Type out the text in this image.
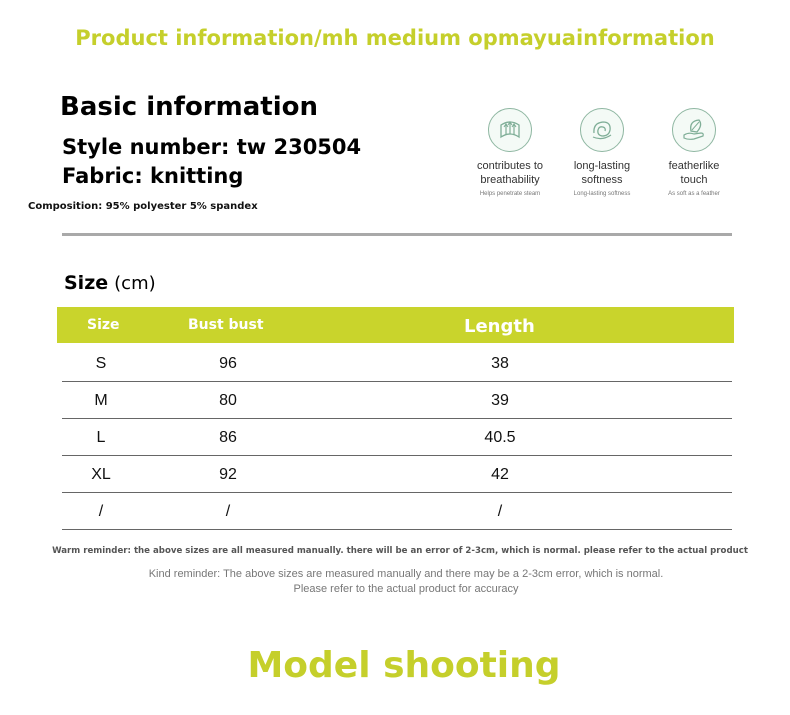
Product information/mh medium opmayuainformation
Basic information
Style number: tw 230504
Fabric: knitting
Composition: 95% polyester 5% spandex
contributes to
breathability
Helps penetrate steam
long-lasting
softness
Long-lasting softness
featherlike
touch
As soft as a feather
Size (cm)
Size	Bust bust	Length
S	96	38
M	80	39
L	86	40.5
XL	92	42
/	/	/
Warm reminder: the above sizes are all measured manually. there will be an error of 2-3cm, which is normal. please refer to the actual product
Kind reminder: The above sizes are measured manually and there may be a 2-3cm error, which is normal.
Please refer to the actual product for accuracy
Model shooting
